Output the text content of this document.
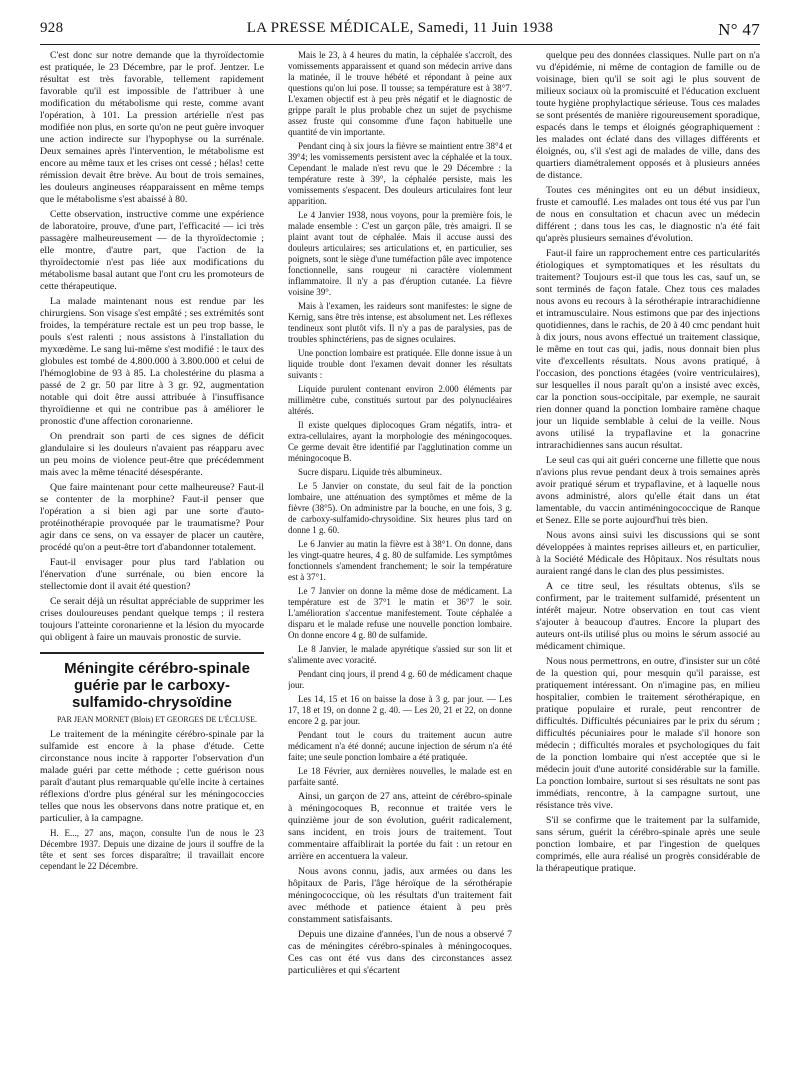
LA PRESSE MÉDICALE, Samedi, 11 Juin 1938
928	N° 47

C'est donc sur notre demande que la thyroïdectomie est pratiquée, le 23 Décembre, par le prof. Jentzer. Le résultat est très favorable, tellement rapidement favorable qu'il est impossible de l'attribuer à une modification du métabolisme qui reste, comme avant l'opération, à 101. La pression artérielle n'est pas modifiée non plus, en sorte qu'on ne peut guère invoquer une action indirecte sur l'hypophyse ou la surrénale. Deux semaines après l'intervention, le métabolisme est encore au même taux et les crises ont cessé ; hélas! cette rémission devait être brève. Au bout de trois semaines, les douleurs angineuses réapparaissent en même temps que le métabolisme s'est abaissé à 80.

Cette observation, instructive comme une expérience de laboratoire, prouve, d'une part, l'efficacité — ici très passagère malheureusement — de la thyroïdectomie ; elle montre, d'autre part, que l'action de la thyroïdectomie n'est pas liée aux modifications du métabolisme basal autant que l'ont cru les promoteurs de cette thérapeutique.

La malade maintenant nous est rendue par les chirurgiens. Son visage s'est empâté ; ses extrémités sont froides, la température rectale est un peu trop basse, le pouls s'est ralenti ; nous assistons à l'installation du myxœdème. Le sang lui-même s'est modifié : le taux des globules est tombé de 4.800.000 à 3.800.000 et celui de l'hémoglobine de 93 à 85. La cholestérine du plasma a passé de 2 gr. 50 par litre à 3 gr. 92, augmentation notable qui doit être aussi attribuée à l'insuffisance thyroïdienne et qui ne contribue pas à améliorer le pronostic d'une affection coronarienne.

On prendrait son parti de ces signes de déficit glandulaire si les douleurs n'avaient pas réapparu avec un peu moins de violence peut-être que précédemment mais avec la même ténacité désespérante.

Que faire maintenant pour cette malheureuse? Faut-il se contenter de la morphine? Faut-il penser que l'opération a si bien agi par une sorte d'auto-protéinothérapie provoquée par le traumatisme? Pour agir dans ce sens, on va essayer de placer un cautère, procédé qu'on a peut-être tort d'abandonner totalement.

Faut-il envisager pour plus tard l'ablation ou l'énervation d'une surrénale, ou bien encore la stellectomie dont il avait été question?

Ce serait déjà un résultat appréciable de supprimer les crises douloureuses pendant quelque temps ; il restera toujours l'atteinte coronarienne et la lésion du myocarde qui obligent à faire un mauvais pronostic de survie.

Méningite cérébro-spinale guérie par le carboxy-sulfamido-chrysoïdine

PAR JEAN MORNET (Blois) ET GEORGES DE L'ÉCLUSE.

Le traitement de la méningite cérébro-spinale par la sulfamide est encore à la phase d'étude. Cette circonstance nous incite à rapporter l'observation d'un malade guéri par cette méthode ; cette guérison nous paraît d'autant plus remarquable qu'elle incite à certaines réflexions d'ordre plus général sur les méningococcies telles que nous les observons dans notre pratique et, en particulier, à la campagne.

H. E..., 27 ans, maçon, consulte l'un de nous le 23 Décembre 1937. Depuis une dizaine de jours il souffre de la tête et sent ses forces disparaître; il travaillait encore cependant le 22 Décembre.

Mais le 23, à 4 heures du matin, la céphalée s'accroît, des vomissements apparaissent et quand son médecin arrive dans la matinée, il le trouve hébété et répondant à peine aux questions qu'on lui pose. Il tousse; sa température est à 38°7. L'examen objectif est à peu près négatif et le diagnostic de grippe paraît le plus probable chez un sujet de psychisme assez fruste qui consomme d'une façon habituelle une quantité de vin importante.

Pendant cinq à six jours la fièvre se maintient entre 38°4 et 39°4; les vomissements persistent avec la céphalée et la toux. Cependant le malade n'est revu que le 29 Décembre : la température reste à 39°, la céphalée persiste, mais les vomissements s'espacent. Des douleurs articulaires font leur apparition.

Le 4 Janvier 1938, nous voyons, pour la première fois, le malade ensemble : C'est un garçon pâle, très amaigri. Il se plaint avant tout de céphalée. Mais il accuse aussi des douleurs articulaires; ses articulations et, en particulier, ses poignets, sont le siège d'une tuméfaction pâle avec impotence fonctionnelle, sans rougeur ni caractère violemment inflammatoire. Il n'y a pas d'éruption cutanée. La fièvre voisine 39°.

Mais à l'examen, les raideurs sont manifestes: le signe de Kernig, sans être très intense, est absolument net. Les réflexes tendineux sont plutôt vifs. Il n'y a pas de paralysies, pas de troubles sphinctériens, pas de signes oculaires.

Une ponction lombaire est pratiquée. Elle donne issue à un liquide trouble dont l'examen devait donner les résultats suivants :

Liquide purulent contenant environ 2.000 éléments par millimètre cube, constitués surtout par des polynucléaires altérés.

Il existe quelques diplocoques Gram négatifs, intra- et extra-cellulaires, ayant la morphologie des méningocoques. Ce germe devait être identifié par l'agglutination comme un méningocoque B.

Sucre disparu. Liquide très albumineux.

Le 5 Janvier on constate, du seul fait de la ponction lombaire, une atténuation des symptômes et même de la fièvre (38°5). On administre par la bouche, en une fois, 3 g. de carboxy-sulfamido-chrysoïdine. Six heures plus tard on donne 1 g. 60.

Le 6 Janvier au matin la fièvre est à 38°1. On donne, dans les vingt-quatre heures, 4 g. 80 de sulfamide. Les symptômes fonctionnels s'amendent franchement; le soir la température est à 37°1.

Le 7 Janvier on donne la même dose de médicament. La température est de 37°1 le matin et 36°7 le soir. L'amélioration s'accentue manifestement. Toute céphalée a disparu et le malade refuse une nouvelle ponction lombaire. On donne encore 4 g. 80 de sulfamide.

Le 8 Janvier, le malade apyrétique s'assied sur son lit et s'alimente avec voracité.

Pendant cinq jours, il prend 4 g. 60 de médicament chaque jour.

Les 14, 15 et 16 on baisse la dose à 3 g. par jour. — Les 17, 18 et 19, on donne 2 g. 40. — Les 20, 21 et 22, on donne encore 2 g. par jour.

Pendant tout le cours du traitement aucun autre médicament n'a été donné; aucune injection de sérum n'a été faite; une seule ponction lombaire a été pratiquée.

Le 18 Février, aux dernières nouvelles, le malade est en parfaite santé.

Ainsi, un garçon de 27 ans, atteint de cérébro-spinale à méningocoques B, reconnue et traitée vers le quinzième jour de son évolution, guérit radicalement, sans incident, en trois jours de traitement. Tout commentaire affaiblirait la portée du fait : un retour en arrière en accentuera la valeur.

Nous avons connu, jadis, aux armées ou dans les hôpitaux de Paris, l'âge héroïque de la sérothérapie méningococcique, où les résultats d'un traitement fait avec méthode et patience étaient à peu près constamment satisfaisants.

Depuis une dizaine d'années, l'un de nous a observé 7 cas de méningites cérébro-spinales à méningocoques. Ces cas ont été vus dans des circonstances assez particulières et qui s'écartent

quelque peu des données classiques. Nulle part on n'a vu d'épidémie, ni même de contagion de famille ou de voisinage, bien qu'il se soit agi le plus souvent de milieux sociaux où la promiscuité et l'éducation excluent toute hygiène prophylactique sérieuse. Tous ces malades se sont présentés de manière rigoureusement sporadique, espacés dans le temps et éloignés géographiquement : les malades ont éclaté dans des villages différents et éloignés, ou, s'il s'est agi de malades de ville, dans des quartiers diamétralement opposés et à plusieurs années de distance.

Toutes ces méningites ont eu un début insidieux, fruste et camouflé. Les malades ont tous été vus par l'un de nous en consultation et chacun avec un médecin différent ; dans tous les cas, le diagnostic n'a été fait qu'après plusieurs semaines d'évolution.

Faut-il faire un rapprochement entre ces particularités étiologiques et symptomatiques et les résultats du traitement? Toujours est-il que tous les cas, sauf un, se sont terminés de façon fatale. Chez tous ces malades nous avons eu recours à la sérothérapie intrarachidienne et intramusculaire. Nous estimons que par des injections quotidiennes, dans le rachis, de 20 à 40 cmc pendant huit à dix jours, nous avons effectué un traitement classique, le même en tout cas qui, jadis, nous donnait bien plus vite d'excellents résultats. Nous avons pratiqué, à l'occasion, des ponctions étagées (voire ventriculaires), sur lesquelles il nous paraît qu'on a insisté avec excès, car la ponction sous-occipitale, par exemple, ne saurait rien donner quand la ponction lombaire ramène chaque jour un liquide semblable à celui de la veille. Nous avons utilisé la trypaflavine et la gonacrine intrarachidiennes sans aucun résultat.

Le seul cas qui ait guéri concerne une fillette que nous n'avions plus revue pendant deux à trois semaines après avoir pratiqué sérum et trypaflavine, et à laquelle nous avons administré, alors qu'elle était dans un état lamentable, du vaccin antiméningococcique de Ranque et Senez. Elle se porte aujourd'hui très bien.

Nous avons ainsi suivi les discussions qui se sont développées à maintes reprises ailleurs et, en particulier, à la Société Médicale des Hôpitaux. Nos résultats nous auraient rangé dans le clan des plus pessimistes.

A ce titre seul, les résultats obtenus, s'ils se confirment, par le traitement sulfamidé, présentent un intérêt majeur. Notre observation en tout cas vient s'ajouter à beaucoup d'autres. Encore la plupart des auteurs ont-ils utilisé plus ou moins le sérum associé au médicament chimique.

Nous nous permettrons, en outre, d'insister sur un côté de la question qui, pour mesquin qu'il paraisse, est pratiquement intéressant. On n'imagine pas, en milieu hospitalier, combien le traitement sérothérapique, en pratique populaire et rurale, peut rencontrer de difficultés. Difficultés pécuniaires par le prix du sérum ; difficultés pécuniaires pour le malade s'il honore son médecin ; difficultés morales et psychologiques du fait de la ponction lombaire qui n'est acceptée que si le médecin jouit d'une autorité considérable sur la famille. La ponction lombaire, surtout si ses résultats ne sont pas immédiats, rencontre, à la campagne surtout, une résistance très vive.

S'il se confirme que le traitement par la sulfamide, sans sérum, guérit la cérébro-spinale après une seule ponction lombaire, et par l'ingestion de quelques comprimés, elle aura réalisé un progrès considérable de la thérapeutique pratique.
